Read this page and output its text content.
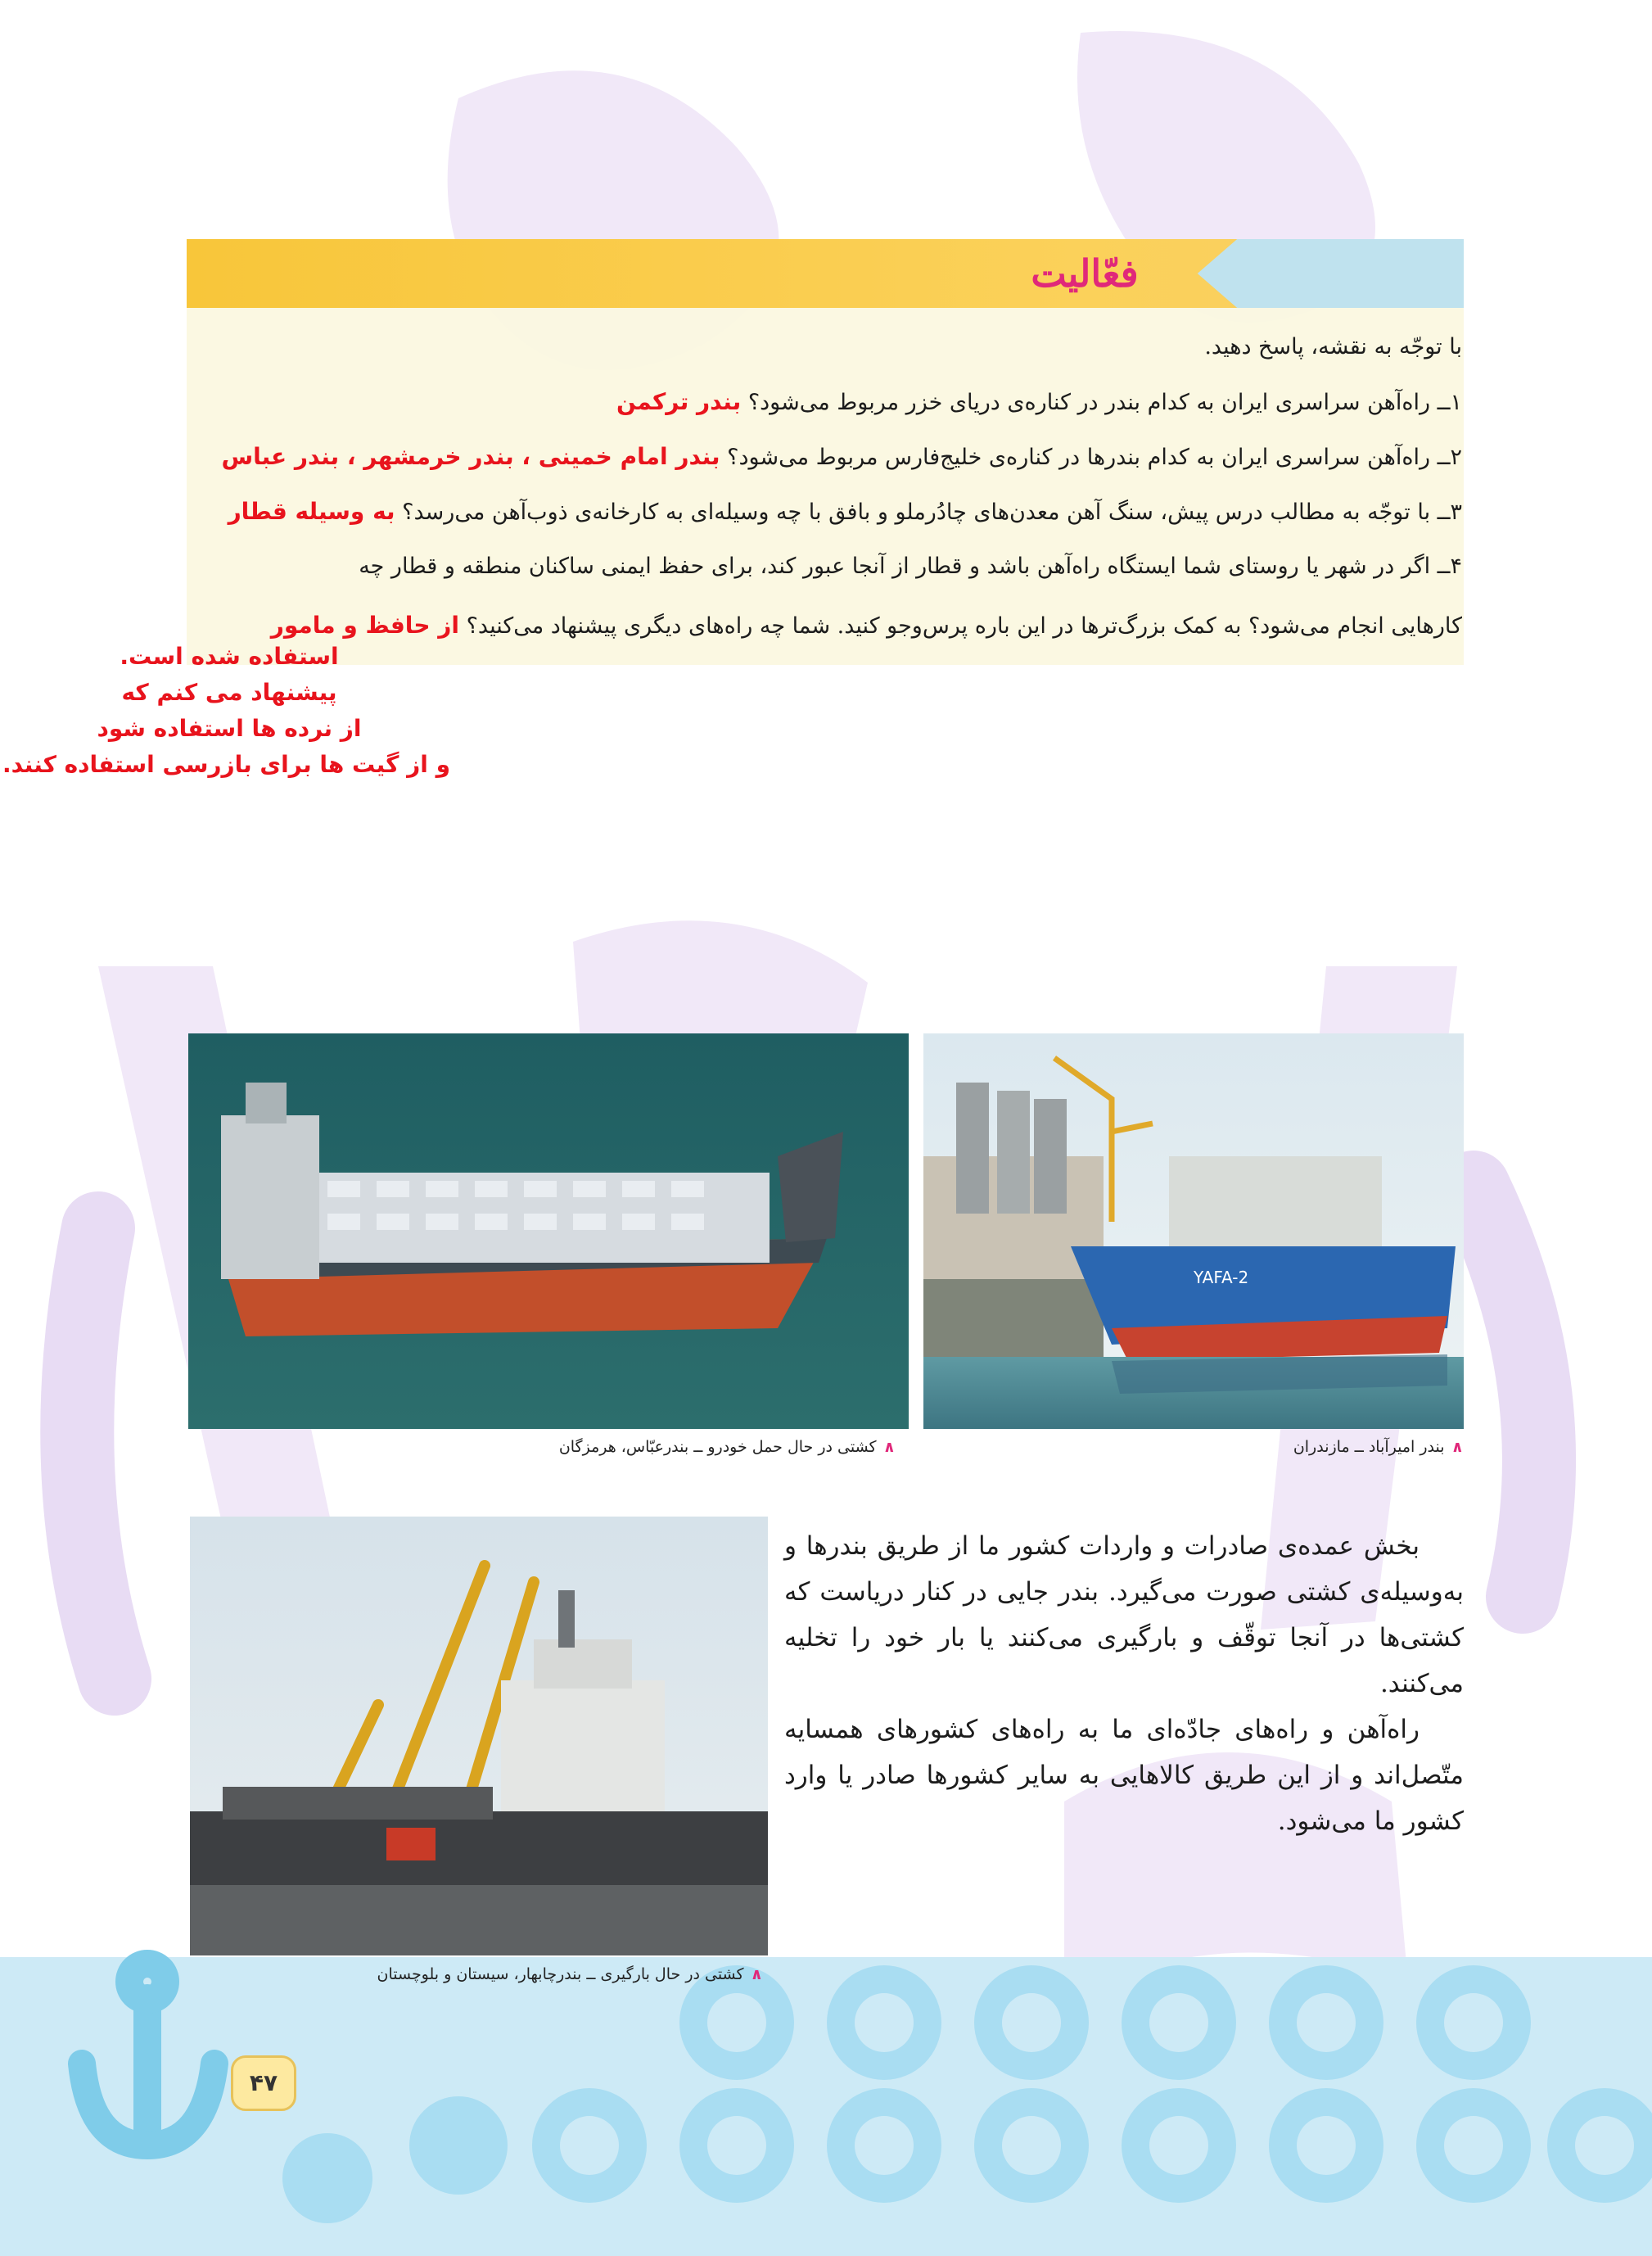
فعّالیت
با توجّه به نقشه، پاسخ دهید.
۱ــ راه‌آهن سراسری ایران به کدام بندر در کناره‌ی دریای خزر مربوط می‌شود؟ بندر ترکمن
۲ــ راه‌آهن سراسری ایران به کدام بندرها در کناره‌ی خلیج‌فارس مربوط می‌شود؟ بندر امام خمینی ، بندر خرمشهر ، بندر عباس
۳ــ با توجّه به مطالب درس پیش، سنگ آهن معدن‌های چادُرملو و بافق با چه وسیله‌ای به کارخانه‌ی ذوب‌آهن می‌رسد؟ به وسیله قطار
۴ــ اگر در شهر یا روستای شما ایستگاه راه‌آهن باشد و قطار از آنجا عبور کند، برای حفظ ایمنی ساکنان منطقه و قطار چه
کارهایی انجام می‌شود؟ به کمک بزرگ‌ترها در این باره پرس‌وجو کنید. شما چه راه‌های دیگری پیشنهاد می‌کنید؟ از حافظ و مامور
استفاده شده است.
پیشنهاد می کنم که
از نرده ها استفاده شود
و از گیت ها برای بازرسی استفاده کنند.
YAFA-2
∧بندر امیرآباد ــ مازندران
∧کشتی در حال حمل خودرو ــ بندرعبّاس، هرمزگان
∧کشتی در حال بارگیری ــ بندرچابهار، سیستان و بلوچستان

بخش عمده‌ی صادرات و واردات کشور ما از طریق بندرها و به‌وسیله‌ی کشتی صورت می‌گیرد. بندر جایی در کنار دریاست که کشتی‌ها در آنجا توقّف و بارگیری می‌کنند یا بار خود را تخلیه می‌کنند.

راه‌آهن و راه‌های جادّه‌ای ما به راه‌های کشورهای همسایه متّصل‌اند و از این طریق کالاهایی به سایر کشورها صادر یا وارد کشور ما می‌شود.

۴۷
